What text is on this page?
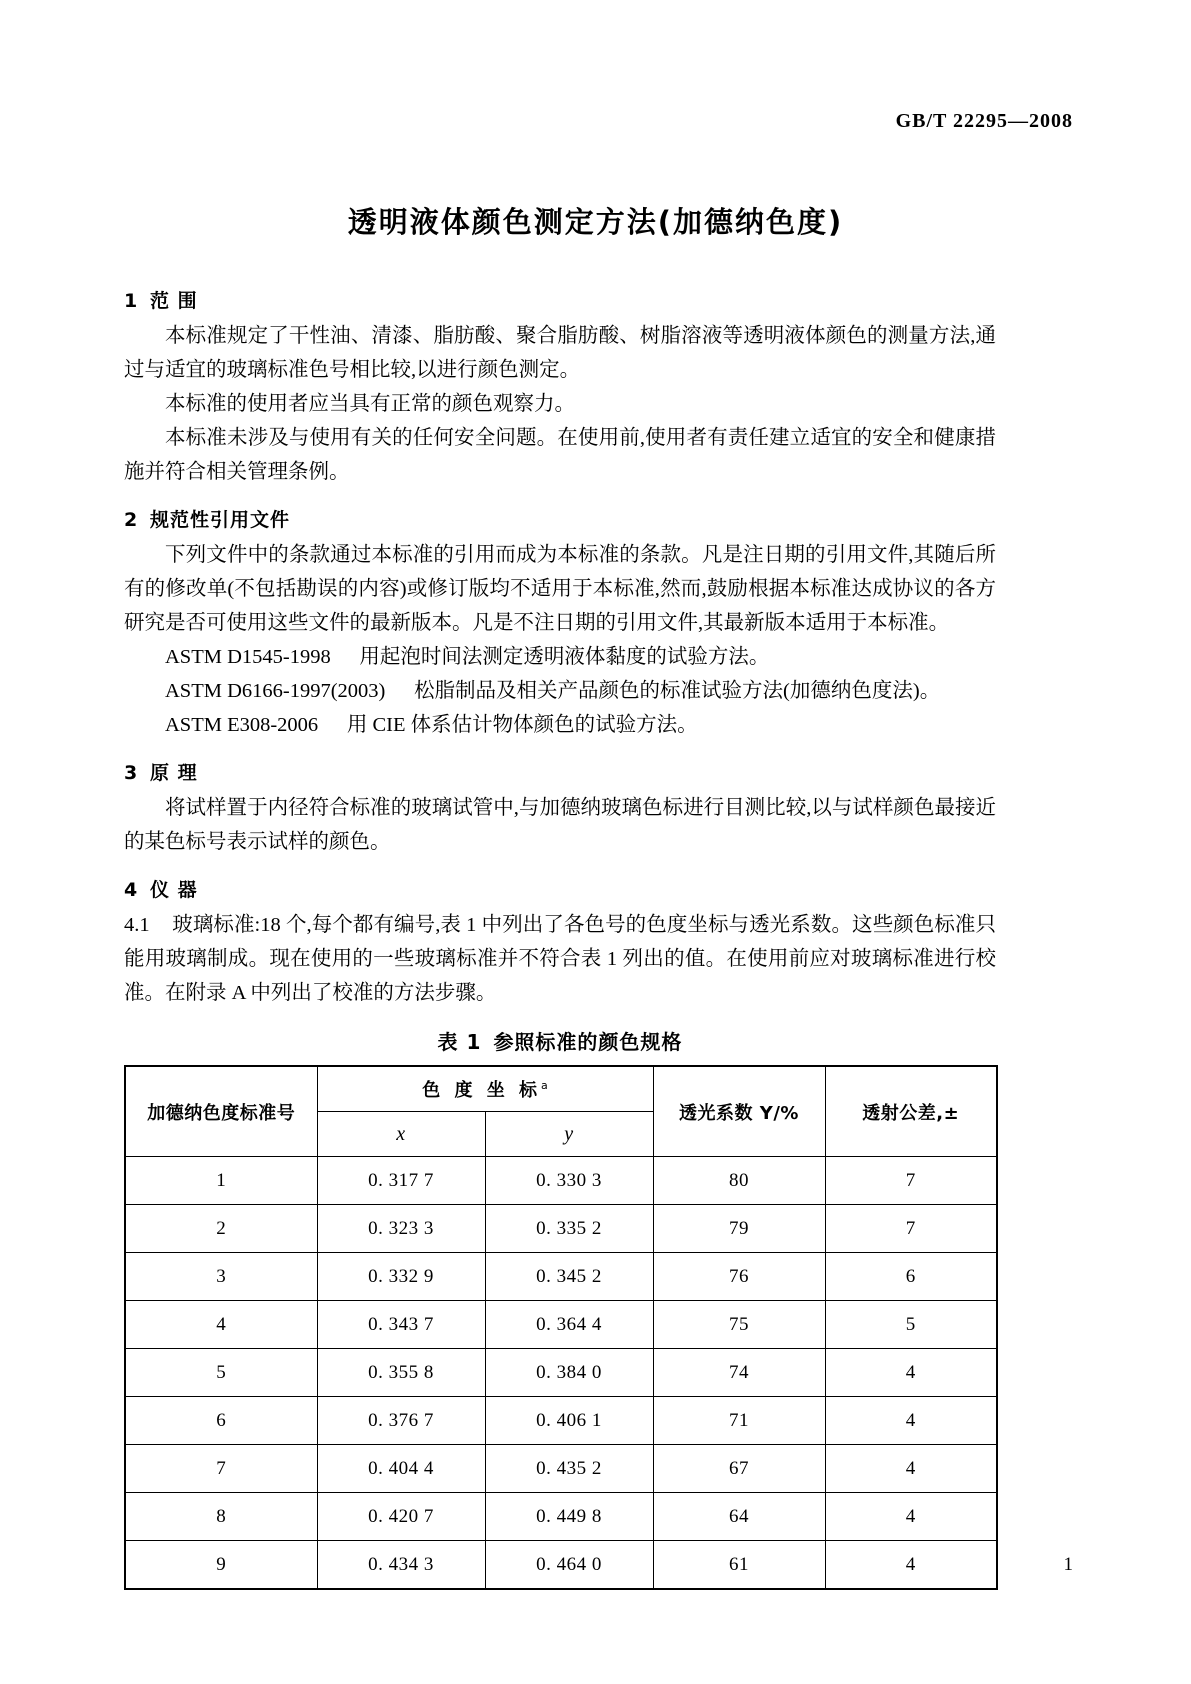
GB/T 22295—2008
透明液体颜色测定方法(加德纳色度)
1 范 围

本标准规定了干性油、清漆、脂肪酸、聚合脂肪酸、树脂溶液等透明液体颜色的测量方法,通过与适宜的玻璃标准色号相比较,以进行颜色测定。

本标准的使用者应当具有正常的颜色观察力。

本标准未涉及与使用有关的任何安全问题。在使用前,使用者有责任建立适宜的安全和健康措施并符合相关管理条例。

2 规范性引用文件

下列文件中的条款通过本标准的引用而成为本标准的条款。凡是注日期的引用文件,其随后所有的修改单(不包括勘误的内容)或修订版均不适用于本标准,然而,鼓励根据本标准达成协议的各方研究是否可使用这些文件的最新版本。凡是不注日期的引用文件,其最新版本适用于本标准。

ASTM D1545-1998 用起泡时间法测定透明液体黏度的试验方法。

ASTM D6166-1997(2003) 松脂制品及相关产品颜色的标准试验方法(加德纳色度法)。

ASTM E308-2006 用 CIE 体系估计物体颜色的试验方法。

3 原 理

将试样置于内径符合标准的玻璃试管中,与加德纳玻璃色标进行目测比较,以与试样颜色最接近的某色标号表示试样的颜色。

4 仪 器

4.1 玻璃标准:18 个,每个都有编号,表 1 中列出了各色号的色度坐标与透光系数。这些颜色标准只能用玻璃制成。现在使用的一些玻璃标准并不符合表 1 列出的值。在使用前应对玻璃标准进行校准。在附录 A 中列出了校准的方法步骤。

表 1 参照标准的颜色规格
加德纳色度标准号	色 度 坐 标$^a$		透光系数 Y/%	透射公差,±
	x	y		
1	0. 317 7	0. 330 3	80	7
2	0. 323 3	0. 335 2	79	7
3	0. 332 9	0. 345 2	76	6
4	0. 343 7	0. 364 4	75	5
5	0. 355 8	0. 384 0	74	4
6	0. 376 7	0. 406 1	71	4
7	0. 404 4	0. 435 2	67	4
8	0. 420 7	0. 449 8	64	4
9	0. 434 3	0. 464 0	61	4	1
